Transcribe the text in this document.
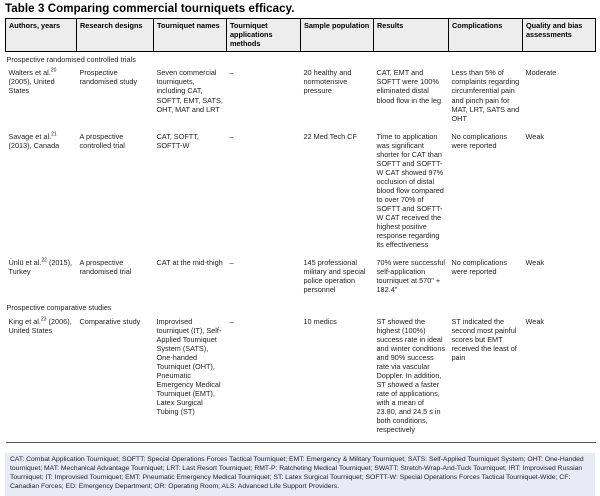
Table 3 Comparing commercial tourniquets efficacy.
Authors, years	Research designs	Tourniquet names	Tourniquet applications methods	Sample population	Results	Complications	Quality and bias assessments
Prospective randomised controlled trials							
Walters et al.$^{20}$ (2005), United States	Prospective randomised study	Seven commercial tourniquets, including CAT, SOFTT, EMT, SATS, OHT, MAT and LRT	–	20 healthy and normotensive pressure	CAT, EMT and SOFTT were 100% eliminated distal blood flow in the leg	Less than 5% of complaints regarding circumferential pain and pinch pain for MAT, LRT, SATS and OHT	Moderate
Savage et al.$^{21}$ (2013), Canada	A prospective controlled trial	CAT, SOFTT, SOFTT-W	–	22 Med Tech CF	Time to application was significant shorter for CAT than SOFTT and SOFTT-W CAT showed 97% occlusion of distal blood flow compared to over 70% of SOFTT and SOFTT-W CAT received the highest positive response regarding its effectiveness	No complications were reported	Weak
Ünlü et al.$^{22}$ (2015), Turkey	A prospective randomised trial	CAT at the mid-thigh	–	145 professional military and special police operation personnel	70% were successful self-application tourniquet at 570" + 182.4"	No complications were reported	Weak
Prospective comparative studies							
King et al.$^{23}$ (2006), United States	Comparative study	Improvised tourniquet (IT), Self-Applied Tourniquet System (SATS), One-handed Tourniquet (OHT), Pneumatic Emergency Medical Tourniquet (EMT), Latex Surgical Tubing (ST)	–	10 medics	ST showed the highest (100%) success rate in ideal and winter conditions and 90% success rate via vascular Doppler. In addition, ST showed a faster rate of applications, with a mean of 23.80, and 24.5 s in both conditions, respectively	ST indicated the second most painful scores but EMT received the least of pain	Weak
CAT: Combat Application Tourniquet; SOFTT: Special Operations Forces Tactical Tourniquet; EMT: Emergency & Military Tourniquet; SATS: Self-Applied Tourniquet System; OHT: One-Handed tourniquet; MAT: Mechanical Advantage Tourniquet; LRT: Last Resort Tourniquet; RMT-P: Ratcheting Medical Tourniquet; SWATT: Stretch-Wrap-And-Tuck Tourniquet; IRT: Improvised Russian Tourniquet; IT: Improvised Tourniquet; EMT: Pneumatic Emergency Medical Tourniquet; ST: Latex Surgical Tourniquet; SOFTT-W: Special Operations Forces Tactical Tourniquet-Wide; CF: Canadian Forces; ED: Emergency Department; OR: Operating Room; ALS: Advanced Life Support Providers.
